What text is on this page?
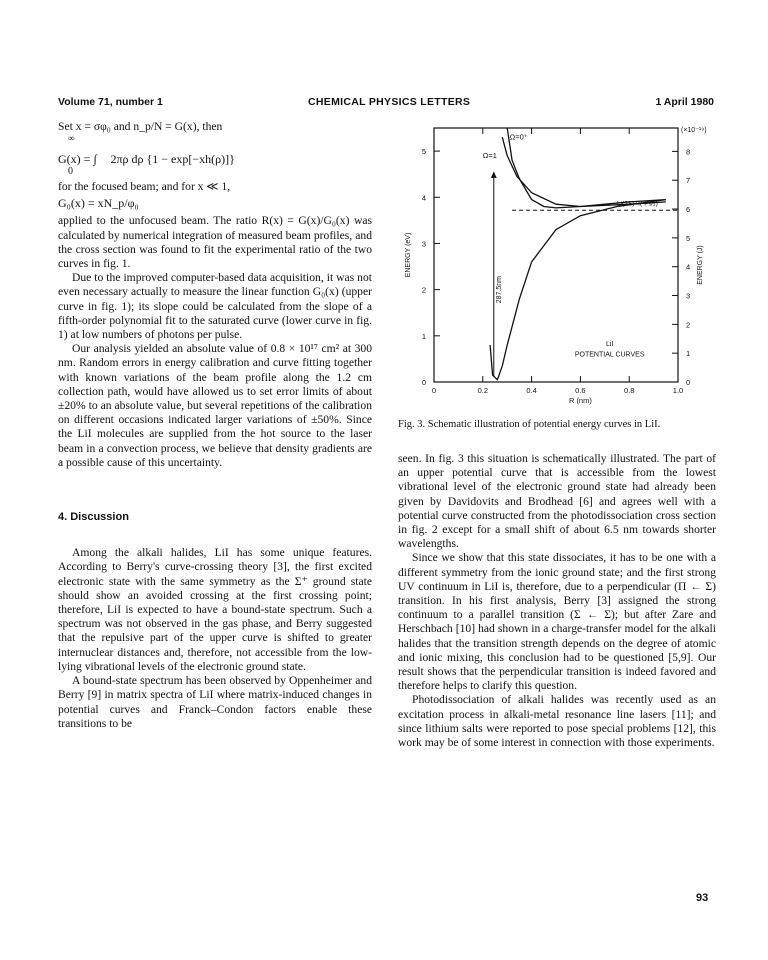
Volume 71, number 1	CHEMICAL PHYSICS LETTERS	1 April 1980

Set x = σφ₀ and n_p/N = G(x), then

∞
G(x) = ∫ 2πρ dρ {1 − exp[−xh(ρ)]}
0

for the focused beam; and for x ≪ 1,

G₀(x) = xN_p/φ₀

applied to the unfocused beam. The ratio R(x) = G(x)/G₀(x) was calculated by numerical integration of measured beam profiles, and the cross section was found to fit the experimental ratio of the two curves in fig. 1.

Due to the improved computer-based data acquisition, it was not even necessary actually to measure the linear function G₀(x) (upper curve in fig. 1); its slope could be calculated from the slope of a fifth-order polynomial fit to the saturated curve (lower curve in fig. 1) at low numbers of photons per pulse.

Our analysis yielded an absolute value of 0.8 × 10¹⁷ cm² at 300 nm. Random errors in energy calibration and curve fitting together with known variations of the beam profile along the 1.2 cm collection path, would have allowed us to set error limits of about ±20% to an absolute value, but several repetitions of the calibration on different occasions indicated larger variations of ±50%. Since the LiI molecules are supplied from the hot source to the laser beam in a convection process, we believe that density gradients are a possible cause of this uncertainty.

4. Discussion

Among the alkali halides, LiI has some unique features. According to Berry's curve-crossing theory [3], the first excited electronic state with the same symmetry as the Σ⁺ ground state should show an avoided crossing at the first crossing point; therefore, LiI is expected to have a bound-state spectrum. Such a spectrum was not observed in the gas phase, and Berry suggested that the repulsive part of the upper curve is shifted to greater internuclear distances and, therefore, not accessible from the low-lying vibrational levels of the electronic ground state.

A bound-state spectrum has been observed by Oppenheimer and Berry [9] in matrix spectra of LiI where matrix-induced changes in potential curves and Franck–Condon factors enable these transitions to be

0	0.2	0.4	0.6	0.8	1.0
0
1
2
3
4
5
0
1
2
3
4
5
6
7
8
ENERGY (eV)	ENERGY (J)
(×10⁻¹⁹)
R (nm)
Ω=0⁺
Ω=1
Li(2S)+I(²P₃/₂)
287.5nm
LiI
POTENTIAL CURVES
Fig. 3. Schematic illustration of potential energy curves in LiI.

seen. In fig. 3 this situation is schematically illustrated. The part of an upper potential curve that is accessible from the lowest vibrational level of the electronic ground state had already been given by Davidovits and Brodhead [6] and agrees well with a potential curve constructed from the photodissociation cross section in fig. 2 except for a small shift of about 6.5 nm towards shorter wavelengths.

Since we show that this state dissociates, it has to be one with a different symmetry from the ionic ground state; and the first strong UV continuum in LiI is, therefore, due to a perpendicular (Π ← Σ) transition. In his first analysis, Berry [3] assigned the strong continuum to a parallel transition (Σ ← Σ); but after Zare and Herschbach [10] had shown in a charge-transfer model for the alkali halides that the transition strength depends on the degree of atomic and ionic mixing, this conclusion had to be questioned [5,9]. Our result shows that the perpendicular transition is indeed favored and therefore helps to clarify this question.

Photodissociation of alkali halides was recently used as an excitation process in alkali-metal resonance line lasers [11]; and since lithium salts were reported to pose special problems [12], this work may be of some interest in connection with those experiments.

93
